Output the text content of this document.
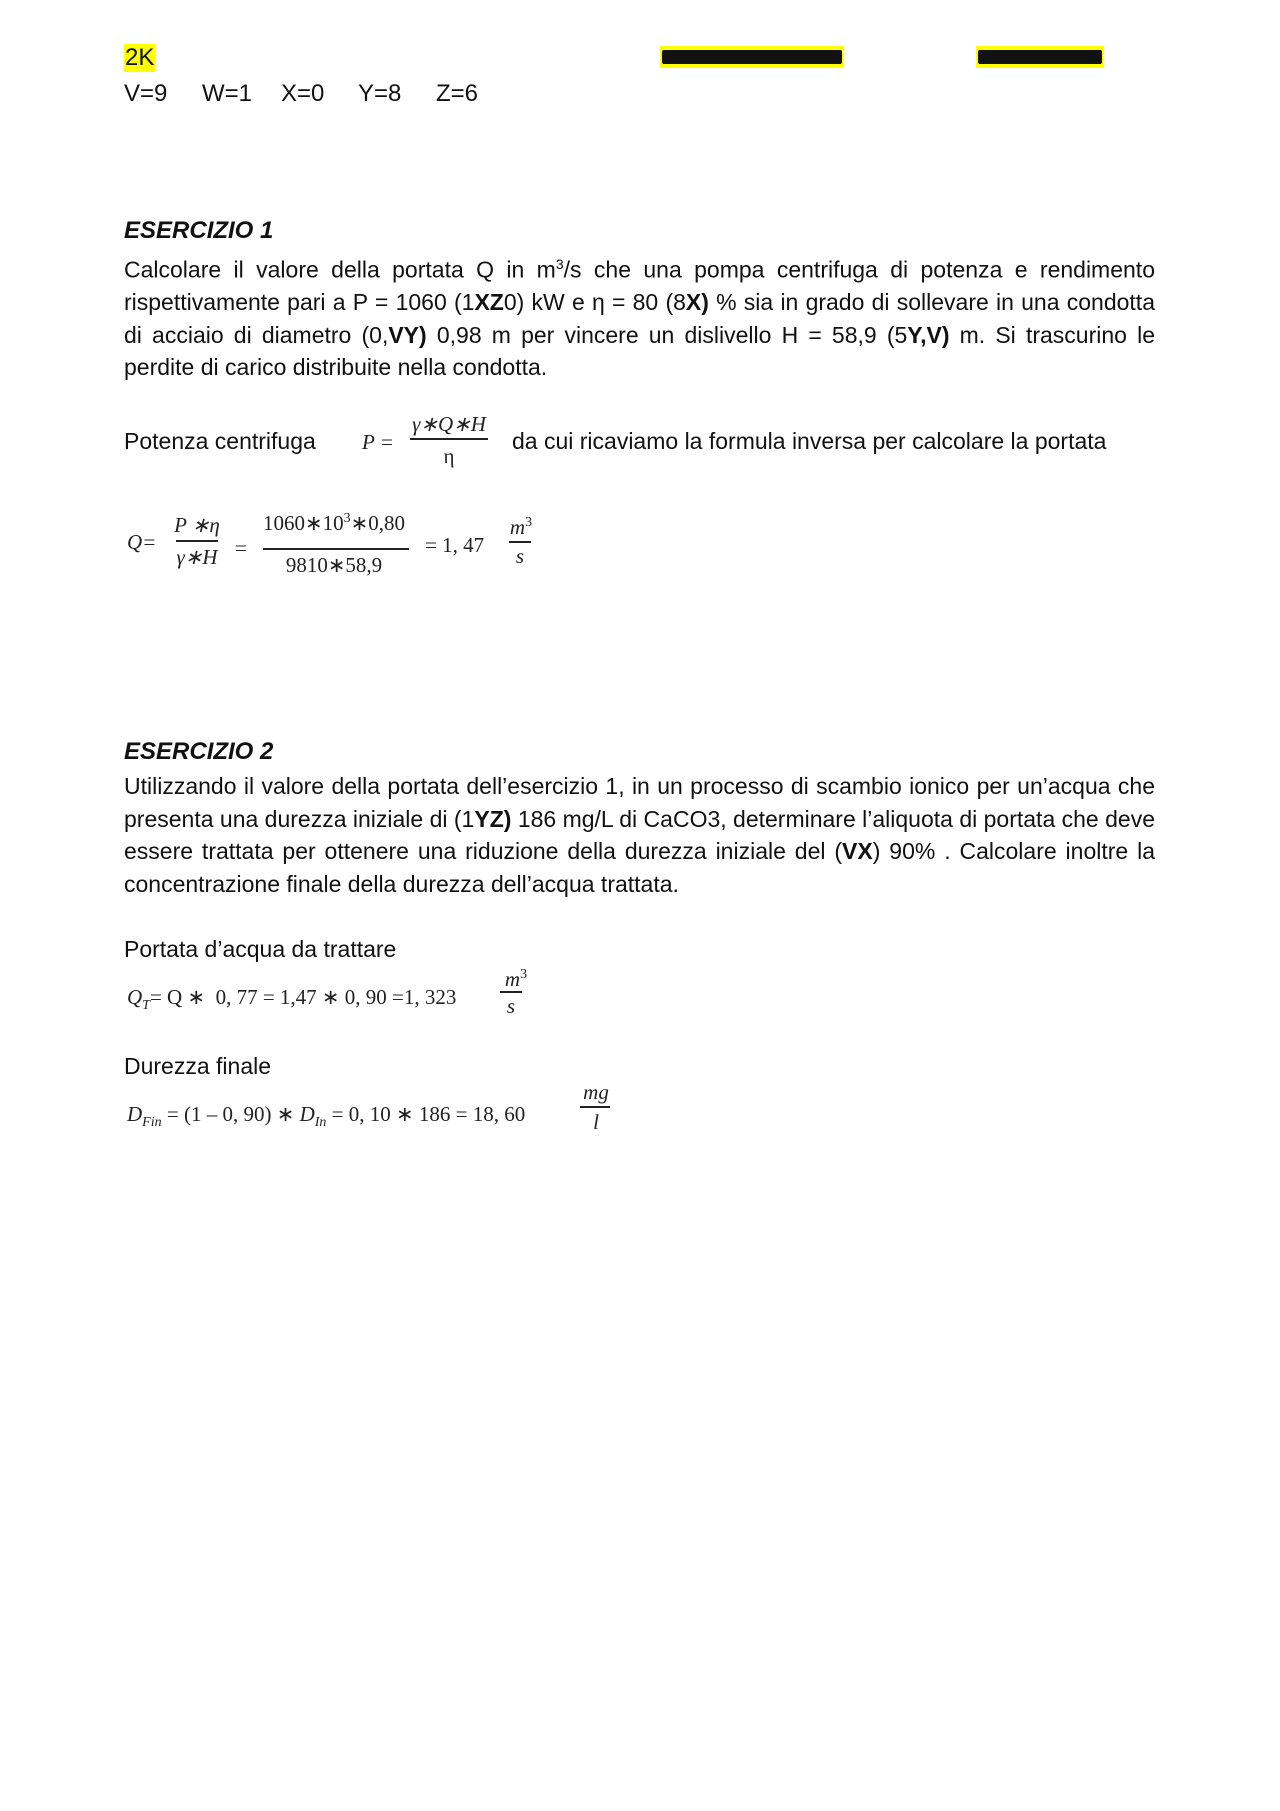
2K
V=9	W=1	X=0	Y=8	Z=6
ESERCIZIO 1
Calcolare il valore della portata Q in $m^3/s$ che una pompa centrifuga di potenza e rendimento rispettivamente pari a P = 1060 (1XZ0) kW e η = 80 (8X) % sia in grado di sollevare in una condotta di acciaio di diametro (0,VY) 0,98 m per vincere un dislivello H = 58,9 (5Y,V) m. Si trascurino le perdite di carico distribuite nella condotta.
Potenza centrifuga P =
γ∗Q∗H
η
da cui ricaviamo la formula inversa per calcolare la portata
Q=
P ∗η
γ∗H =
$1060∗10^3∗0,80$
9810∗58,9
= 1, 47
$m^3$
s
ESERCIZIO 2
Utilizzando il valore della portata dell’esercizio 1, in un processo di scambio ionico per un’acqua che presenta una durezza iniziale di (1YZ) 186 mg/L di CaCO3, determinare l’aliquota di portata che deve essere trattata per ottenere una riduzione della durezza iniziale del (VX) 90% . Calcolare inoltre la concentrazione finale della durezza dell’acqua trattata.
Portata d’acqua da trattare
$Q_T= Q$ ∗  0, 77 = 1,47 ∗ 0, 90 =1, 323
$m^3$
s
Durezza finale
$D_{Fin} = (1 - 0$, 90) ∗ $D_{In} = 0$, 10 ∗ 186 = 18, 60
mg
l
